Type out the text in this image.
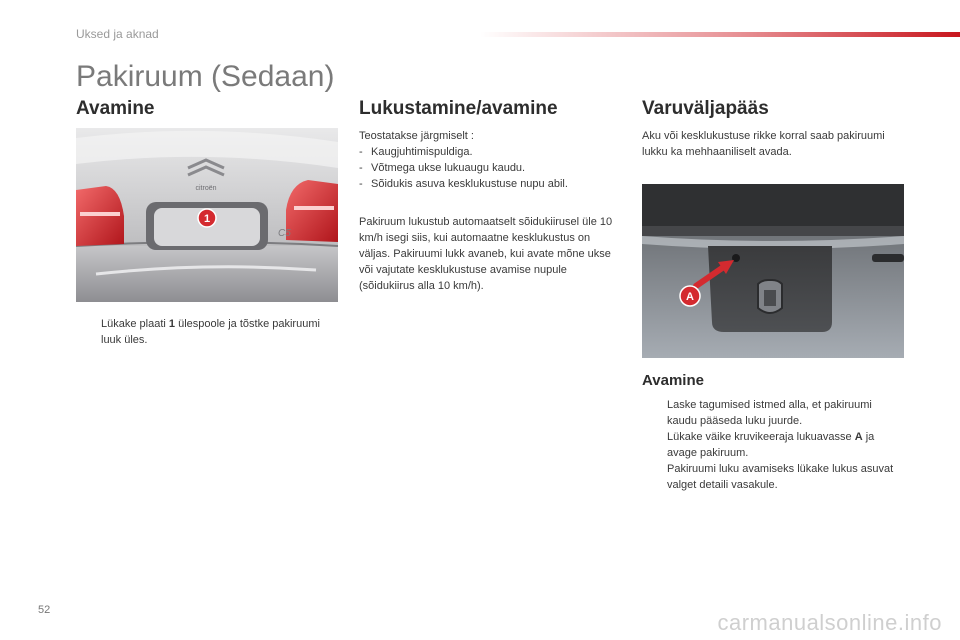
Uksed ja aknad
Pakiruum (Sedaan)
Avamine
citroën
C5
1
Lükake plaati 1 ülespoole ja tõstke pakiruumi luuk üles.
Lukustamine/avamine
Teostatakse järgmiselt :
- Kaugjuhtimispuldiga.
- Võtmega ukse lukuaugu kaudu.
- Sõidukis asuva kesklukustuse nupu abil.
Pakiruum lukustub automaatselt sõidukiirusel üle 10 km/h isegi siis, kui automaatne kesklukustus on väljas. Pakiruumi lukk avaneb, kui avate mõne ukse või vajutate kesklukustuse avamise nupule (sõidukiirus alla 10 km/h).
Varuväljapääs
Aku või kesklukustuse rikke korral saab pakiruumi lukku ka mehhaaniliselt avada.
A
Avamine
Laske tagumised istmed alla, et pakiruumi kaudu pääseda luku juurde.
Lükake väike kruvikeeraja lukuavasse A ja avage pakiruum.
Pakiruumi luku avamiseks lükake lukus asuvat valget detaili vasakule.
52	carmanualsonline.info
